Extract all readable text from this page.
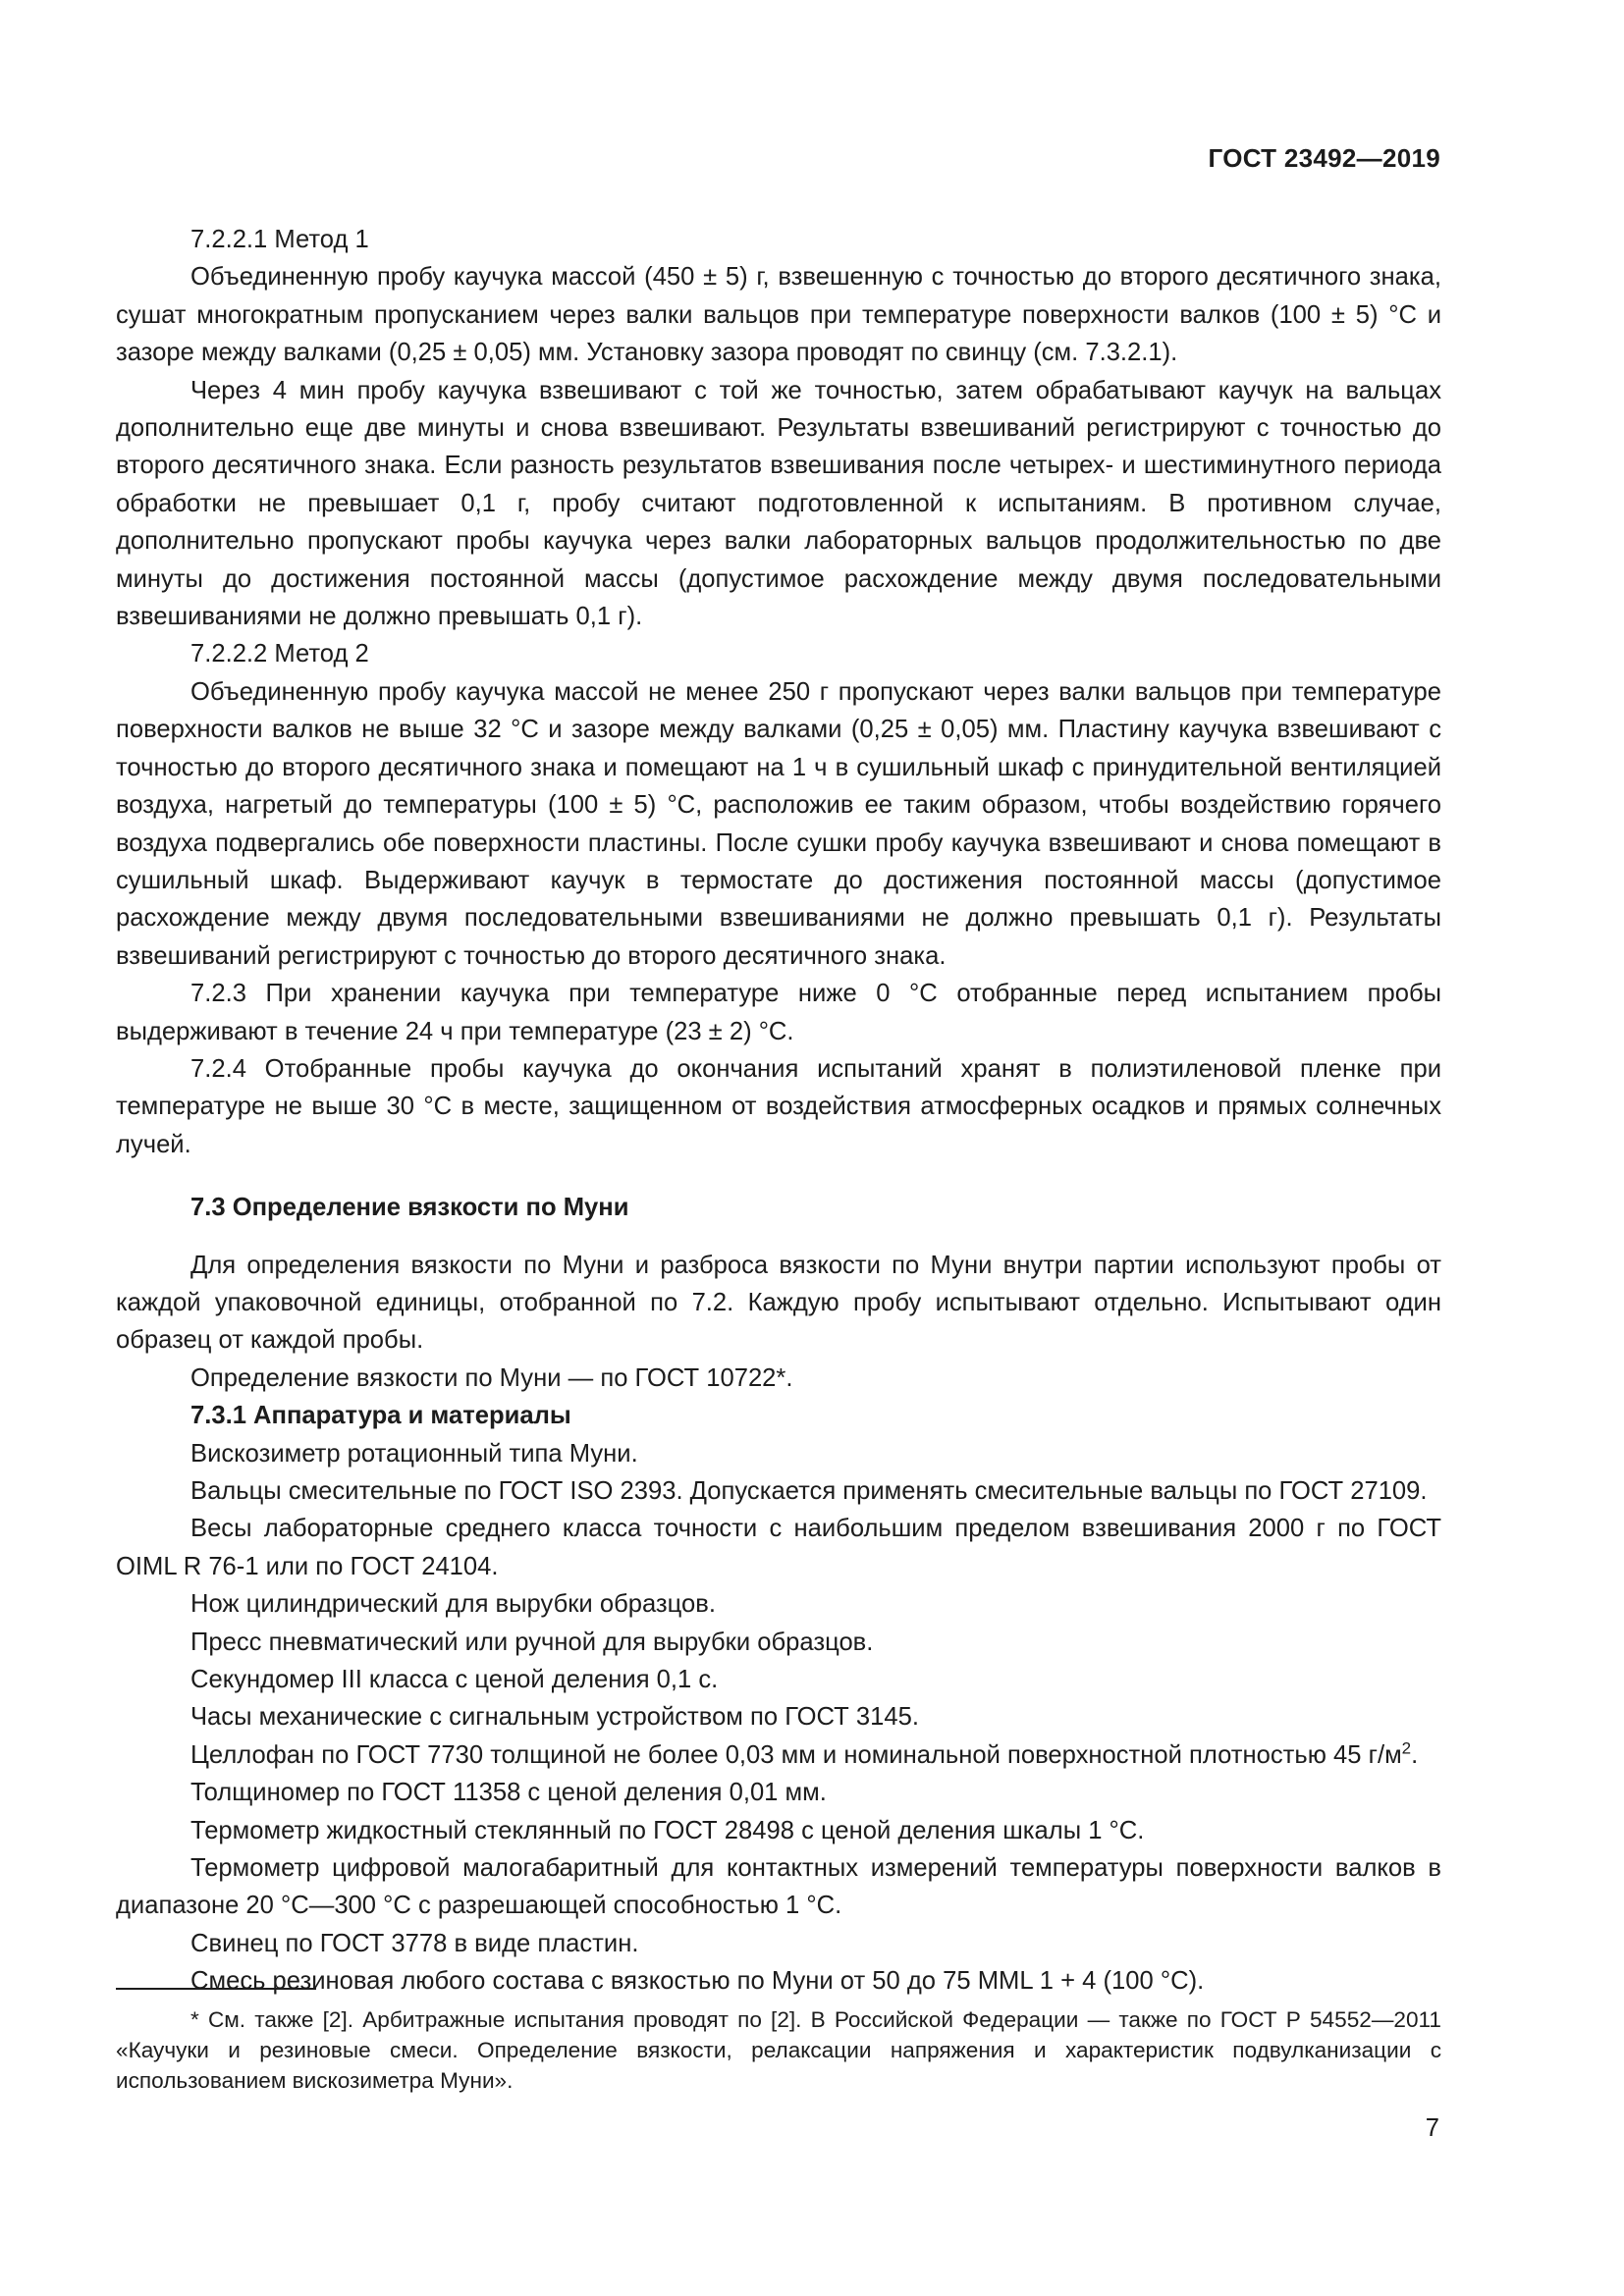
ГОСТ 23492—2019

7.2.2.1 Метод 1

Объединенную пробу каучука массой (450 ± 5) г, взвешенную с точностью до второго десятичного знака, сушат многократным пропусканием через валки вальцов при температуре поверхности валков (100 ± 5) °С и зазоре между валками (0,25 ± 0,05) мм. Установку зазора проводят по свинцу (см. 7.3.2.1).

Через 4 мин пробу каучука взвешивают с той же точностью, затем обрабатывают каучук на вальцах дополнительно еще две минуты и снова взвешивают. Результаты взвешиваний регистрируют с точностью до второго десятичного знака. Если разность результатов взвешивания после четырех- и шестиминутного периода обработки не превышает 0,1 г, пробу считают подготовленной к испытаниям. В противном случае, дополнительно пропускают пробы каучука через валки лабораторных вальцов продолжительностью по две минуты до достижения постоянной массы (допустимое расхождение между двумя последовательными взвешиваниями не должно превышать 0,1 г).

7.2.2.2 Метод 2

Объединенную пробу каучука массой не менее 250 г пропускают через валки вальцов при температуре поверхности валков не выше 32 °С и зазоре между валками (0,25 ± 0,05) мм. Пластину каучука взвешивают с точностью до второго десятичного знака и помещают на 1 ч в сушильный шкаф с принудительной вентиляцией воздуха, нагретый до температуры (100 ± 5) °С, расположив ее таким образом, чтобы воздействию горячего воздуха подвергались обе поверхности пластины. После сушки пробу каучука взвешивают и снова помещают в сушильный шкаф. Выдерживают каучук в термостате до достижения постоянной массы (допустимое расхождение между двумя последовательными взвешиваниями не должно превышать 0,1 г). Результаты взвешиваний регистрируют с точностью до второго десятичного знака.

7.2.3 При хранении каучука при температуре ниже 0 °С отобранные перед испытанием пробы выдерживают в течение 24 ч при температуре (23 ± 2) °С.

7.2.4 Отобранные пробы каучука до окончания испытаний хранят в полиэтиленовой пленке при температуре не выше 30 °С в месте, защищенном от воздействия атмосферных осадков и прямых солнечных лучей.

7.3 Определение вязкости по Муни

Для определения вязкости по Муни и разброса вязкости по Муни внутри партии используют пробы от каждой упаковочной единицы, отобранной по 7.2. Каждую пробу испытывают отдельно. Испытывают один образец от каждой пробы.

Определение вязкости по Муни — по ГОСТ 10722*.

7.3.1 Аппаратура и материалы

Вискозиметр ротационный типа Муни.

Вальцы смесительные по ГОСТ ISO 2393. Допускается применять смесительные вальцы по ГОСТ 27109.

Весы лабораторные среднего класса точности с наибольшим пределом взвешивания 2000 г по ГОСТ OIML R 76-1 или по ГОСТ 24104.

Нож цилиндрический для вырубки образцов.

Пресс пневматический или ручной для вырубки образцов.

Секундомер III класса с ценой деления 0,1 с.

Часы механические с сигнальным устройством по ГОСТ 3145.

Целлофан по ГОСТ 7730 толщиной не более 0,03 мм и номинальной поверхностной плотностью 45 $г/м^2$.

Толщиномер по ГОСТ 11358 с ценой деления 0,01 мм.

Термометр жидкостный стеклянный по ГОСТ 28498 с ценой деления шкалы 1 °С.

Термометр цифровой малогабаритный для контактных измерений температуры поверхности валков в диапазоне 20 °С—300 °С с разрешающей способностью 1 °С.

Свинец по ГОСТ 3778 в виде пластин.

Смесь резиновая любого состава с вязкостью по Муни от 50 до 75 MML 1 + 4 (100 °С).

* См. также [2]. Арбитражные испытания проводят по [2]. В Российской Федерации — также по ГОСТ Р 54552—2011 «Каучуки и резиновые смеси. Определение вязкости, релаксации напряжения и характеристик подвулканизации с использованием вискозиметра Муни».

7
